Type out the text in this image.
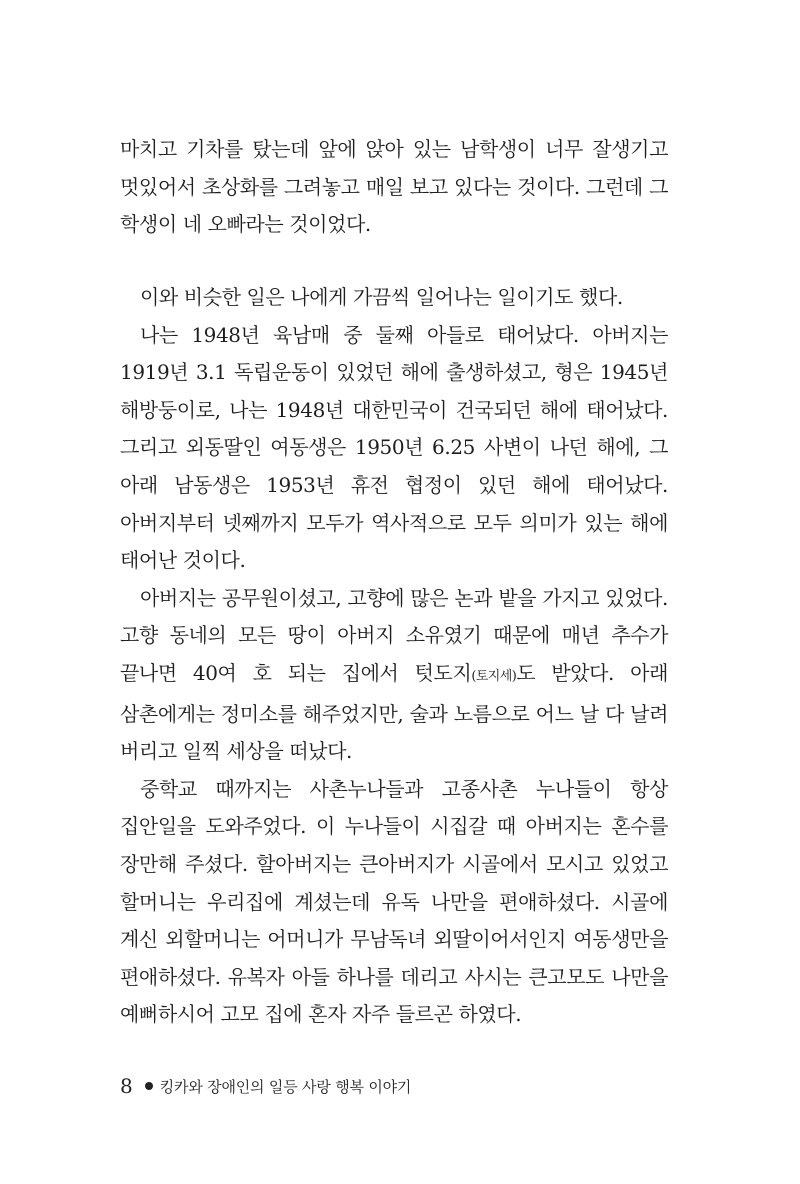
마치고 기차를 탔는데 앞에 앉아 있는 남학생이 너무 잘생기고 멋있어서 초상화를 그려놓고 매일 보고 있다는 것이다. 그런데 그 학생이 네 오빠라는 것이었다.

이와 비슷한 일은 나에게 가끔씩 일어나는 일이기도 했다.

나는 1948년 육남매 중 둘째 아들로 태어났다. 아버지는 1919년 3.1 독립운동이 있었던 해에 출생하셨고, 형은 1945년 해방둥이로, 나는 1948년 대한민국이 건국되던 해에 태어났다. 그리고 외동딸인 여동생은 1950년 6.25 사변이 나던 해에, 그 아래 남동생은 1953년 휴전 협정이 있던 해에 태어났다. 아버지부터 넷째까지 모두가 역사적으로 모두 의미가 있는 해에 태어난 것이다.

아버지는 공무원이셨고, 고향에 많은 논과 밭을 가지고 있었다. 고향 동네의 모든 땅이 아버지 소유였기 때문에 매년 추수가 끝나면 40여 호 되는 집에서 텃도지(토지세)도 받았다. 아래 삼촌에게는 정미소를 해주었지만, 술과 노름으로 어느 날 다 날려 버리고 일찍 세상을 떠났다.

중학교 때까지는 사촌누나들과 고종사촌 누나들이 항상 집안일을 도와주었다. 이 누나들이 시집갈 때 아버지는 혼수를 장만해 주셨다. 할아버지는 큰아버지가 시골에서 모시고 있었고 할머니는 우리집에 계셨는데 유독 나만을 편애하셨다. 시골에 계신 외할머니는 어머니가 무남독녀 외딸이어서인지 여동생만을 편애하셨다. 유복자 아들 하나를 데리고 사시는 큰고모도 나만을 예뻐하시어 고모 집에 혼자 자주 들르곤 하였다.

8 킹카와 장애인의 일등 사랑 행복 이야기
